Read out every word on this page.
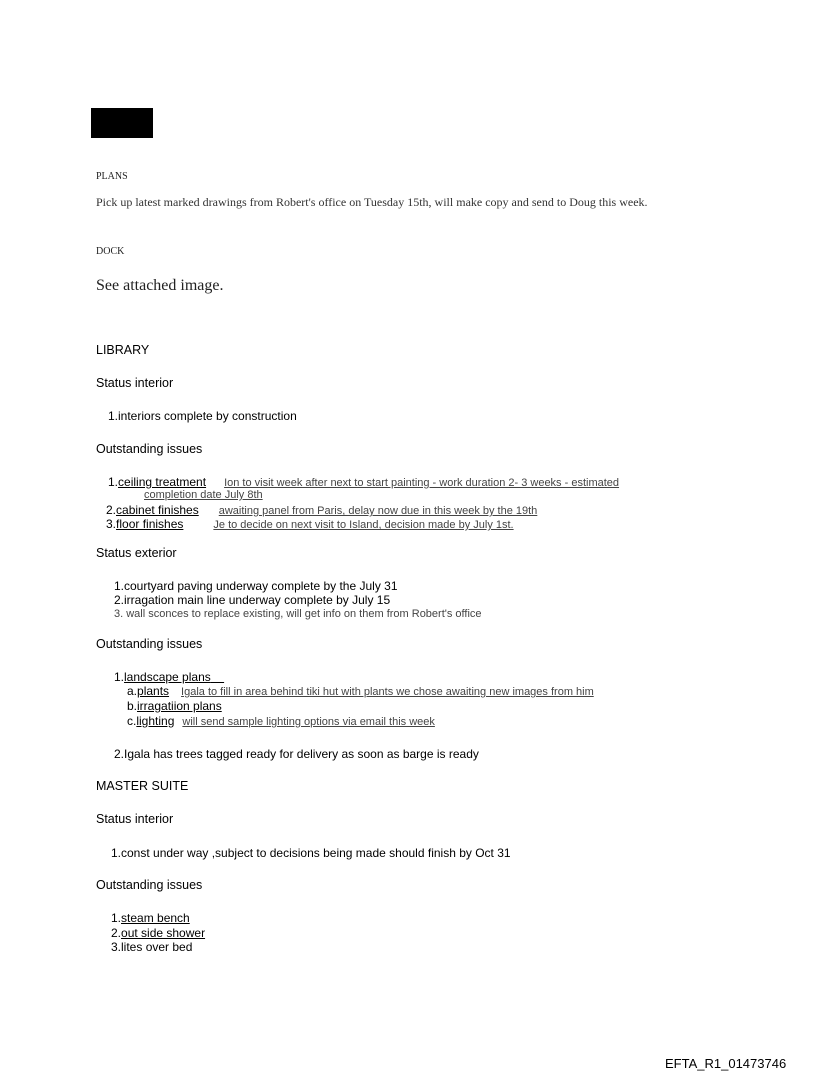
PLANS
Pick up latest marked drawings from Robert's office on Tuesday 15th, will make copy and send to Doug this week.
DOCK
See attached image.
LIBRARY
Status interior
1.interiors complete by construction
Outstanding issues
1.ceiling treatment Ion to visit week after next to start painting - work duration 2- 3 weeks - estimated
completion date July 8th
2.cabinet finishes awaiting panel from Paris, delay now due in this week by the 19th
3.floor finishes	Je to decide on next visit to Island, decision made by July 1st.
Status exterior
1.courtyard paving underway complete by the July 31
2.irragation main line underway complete by July 15
3. wall sconces to replace existing, will get info on them from Robert's office
Outstanding issues
1.landscape plans
a.plants Igala to fill in area behind tiki hut with plants we chose awaiting new images from him
b.irragatiion plans
c.lighting will send sample lighting options via email this week
2.Igala has trees tagged ready for delivery as soon as barge is ready
MASTER SUITE
Status interior
1.const under way ,subject to decisions being made should finish by Oct 31
Outstanding issues
1.steam bench
2.out side shower
3.lites over bed
EFTA_R1_01473746
